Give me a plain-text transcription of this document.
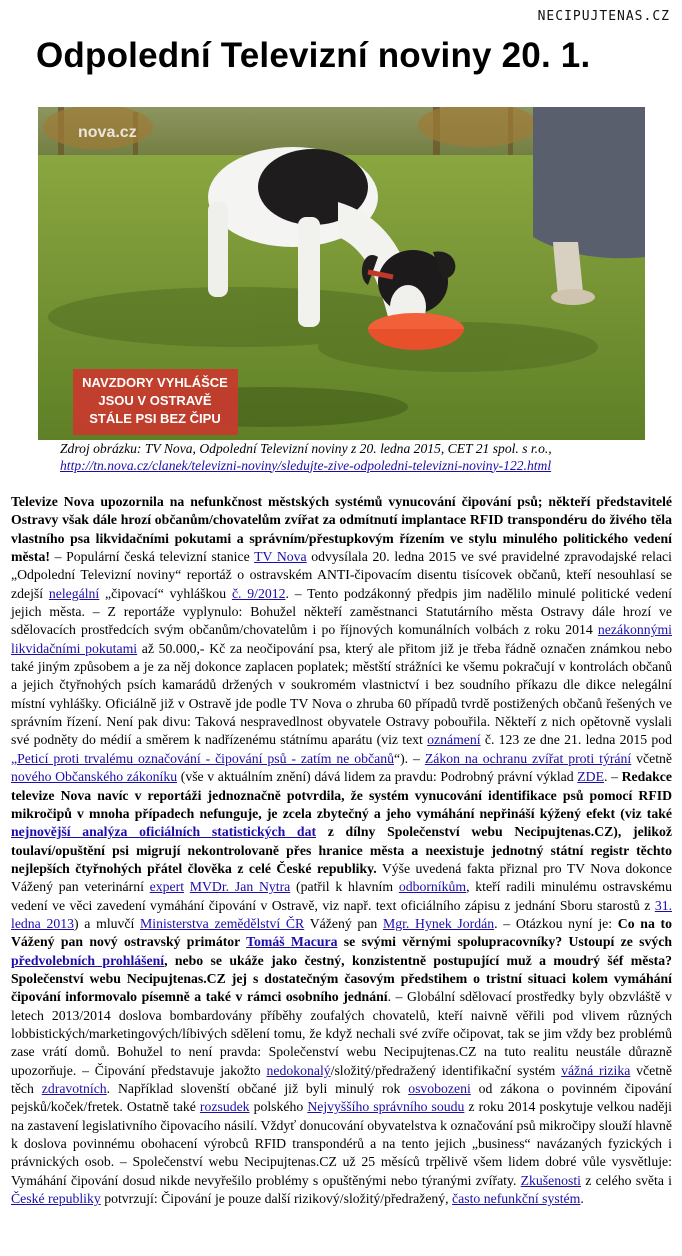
NECIPUJTENAS.CZ
Odpolední Televizní noviny 20. 1.
nova.cz
NAVZDORY VYHLÁŠCE
JSOU V OSTRAVĚ
STÁLE PSI BEZ ČIPU
Zdroj obrázku: TV Nova, Odpolední Televizní noviny z 20. ledna 2015, CET 21 spol. s r.o.,
http://tn.nova.cz/clanek/televizni-noviny/sledujte-zive-odpoledni-televizni-noviny-122.html

Televize Nova upozornila na nefunkčnost městských systémů vynucování čipování psů; někteří představitelé Ostravy však dále hrozí občanům/chovatelům zvířat za odmítnutí implantace RFID transpondéru do živého těla vlastního psa likvidačními pokutami a správním/přestupkovým řízením ve stylu minulého politického vedení města! – Populární česká televizní stanice TV Nova odvysílala 20. ledna 2015 ve své pravidelné zpravodajské relaci „Odpolední Televizní noviny“ reportáž o ostravském ANTI-čipovacím disentu tisícovek občanů, kteří nesouhlasí se zdejší nelegální „čipovací“ vyhláškou č. 9/2012. – Tento podzákonný předpis jim nadělilo minulé politické vedení jejich města. – Z reportáže vyplynulo: Bohužel někteří zaměstnanci Statutárního města Ostravy dále hrozí ve sdělovacích prostředcích svým občanům/chovatelům i po říjnových komunálních volbách z roku 2014 nezákonnými likvidačními pokutami až 50.000,- Kč za neočipování psa, který ale přitom již je třeba řádně označen známkou nebo také jiným způsobem a je za něj dokonce zaplacen poplatek; městští strážníci ke všemu pokračují v kontrolách občanů a jejich čtyřnohých psích kamarádů držených v soukromém vlastnictví i bez soudního příkazu dle dikce nelegální místní vyhlášky. Oficiálně již v Ostravě jde podle TV Nova o zhruba 60 případů tvrdě postižených občanů řešených ve správním řízení. Není pak divu: Taková nespravedlnost obyvatele Ostravy pobouřila. Někteří z nich opětovně vyslali své podněty do médií a směrem k nadřízenému státnímu aparátu (viz text oznámení č. 123 ze dne 21. ledna 2015 pod „Peticí proti trvalému označování - čipování psů - zatím ne občanů“). – Zákon na ochranu zvířat proti týrání včetně nového Občanského zákoníku (vše v aktuálním znění) dává lidem za pravdu: Podrobný právní výklad ZDE. – Redakce televize Nova navíc v reportáži jednoznačně potvrdila, že systém vynucování identifikace psů pomocí RFID mikročipů v mnoha případech nefunguje, je zcela zbytečný a jeho vymáhání nepřináší kýžený efekt (viz také nejnovější analýza oficiálních statistických dat z dílny Společenství webu Necipujtenas.CZ), jelikož toulaví/opuštění psi migrují nekontrolovaně přes hranice města a neexistuje jednotný státní registr těchto nejlepších čtyřnohých přátel člověka z celé České republiky. Výše uvedená fakta přiznal pro TV Nova dokonce Vážený pan veterinární expert MVDr. Jan Nytra (patřil k hlavním odborníkům, kteří radili minulému ostravskému vedení ve věci zavedení vymáhání čipování v Ostravě, viz např. text oficiálního zápisu z jednání Sboru starostů z 31. ledna 2013) a mluvčí Ministerstva zemědělství ČR Vážený pan Mgr. Hynek Jordán. – Otázkou nyní je: Co na to Vážený pan nový ostravský primátor Tomáš Macura se svými věrnými spolupracovníky? Ustoupí ze svých předvolebních prohlášení, nebo se ukáže jako čestný, konzistentně postupující muž a moudrý šéf města? Společenství webu Necipujtenas.CZ jej s dostatečným časovým předstihem o tristní situaci kolem vymáhání čipování informovalo písemně a také v rámci osobního jednání. – Globální sdělovací prostředky byly obzvláště v letech 2013/2014 doslova bombardovány příběhy zoufalých chovatelů, kteří naivně věřili pod vlivem různých lobbistických/marketingových/líbivých sdělení tomu, že když nechali své zvíře očipovat, tak se jim vždy bez problémů zase vrátí domů. Bohužel to není pravda: Společenství webu Necipujtenas.CZ na tuto realitu neustále důrazně upozorňuje. – Čipování představuje jakožto nedokonalý/složitý/předražený identifikační systém vážná rizika včetně těch zdravotních. Například slovenští občané již byli minulý rok osvobozeni od zákona o povinném čipování pejsků/koček/fretek. Ostatně také rozsudek polského Nejvyššího správního soudu z roku 2014 poskytuje velkou naději na zastavení legislativního čipovacího násilí. Vždyť donucování obyvatelstva k označování psů mikročipy slouží hlavně k doslova povinnému obohacení výrobců RFID transpondérů a na tento jejich „business“ navázaných fyzických i právnických osob. – Společenství webu Necipujtenas.CZ už 25 měsíců trpělivě všem lidem dobré vůle vysvětluje: Vymáhání čipování dosud nikde nevyřešilo problémy s opuštěnými nebo týranými zvířaty. Zkušenosti z celého světa i České republiky potvrzují: Čipování je pouze další rizikový/složitý/předražený, často nefunkční systém.
